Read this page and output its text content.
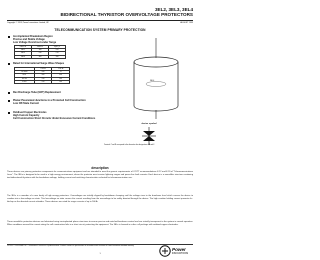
3EL2, 3EL3, 3EL4
BIDIRECTIONAL THYRISTOR OVERVOLTAGE PROTECTORS
Copyright © 1993, Power Innovations Limited, UK	AUGUST 1993
TELECOMMUNICATION SYSTEM PRIMARY PROTECTION
Ion-Implanted Breakdown Region
Precise and Stable Voltage
Low Voltage Overshoot under Surge
DEVICE	VDRM V	V(BO) V
3EL2	180	220
3EL3	230	270
3EL4	300	350
Rated for International Surge Wave Shapes
	ITSP A	ITSP A
10/1000	100	75
8/20	500	350
10/700	150	100
5/310	150	100
Rex Discharge Tube (GDT) Replacement
Planar Passivated Junctions in a Protected Cell Construction
Low Off-State Current
Oxidised Copper Electrodes
High Current Capacity
Cell Construction Short Circuits Under Excessive Current Conditions
3EL4
device symbol
Terminals T and R correspond to the alternative line designations of A and K
description
These devices are primary protection components for communications equipment and are intended to meet the generic requirements of CCITT recommendations K.12 and K.20 of "Telecommunications Lines". The 3ELx is designed to be used in a high energy environment, where the protector must survive lightning surges and power line fault currents. Each device is a monolithic structure containing two bidirectional thyristors with the breakdown voltage, holding current and switching characteristics selected for telecommunication use.
The 3ELx is a member of a new family of high energy protectors. Overvoltages are initially clipped by breakdown clamping until the voltage rises to the breakover level which causes the device to crowbar into a low-voltage on state. This low-voltage on state causes the current resulting from the overvoltage to be safely diverted through the device. The high crowbar holding current prevents d.c. latchup as the diverted current subsides. These devices are rated for surge currents of up to 500 A.
These monolithic protection devices are fabricated using ion-implanted planar structures to ensure precise and matched breakover control and are virtually transparent to the system in normal operation. When conditions exceed the current rating the cell construction fails to a short circuit, protecting the equipment. The 3ELx is housed in a disc cell package with oxidised copper electrodes.
PRODUCT INFORMATION — Information is current as of publication date. Products conform to specifications in accordance with the terms of Power Innovations standard warranty.
1
Power
INNOVATIONS
